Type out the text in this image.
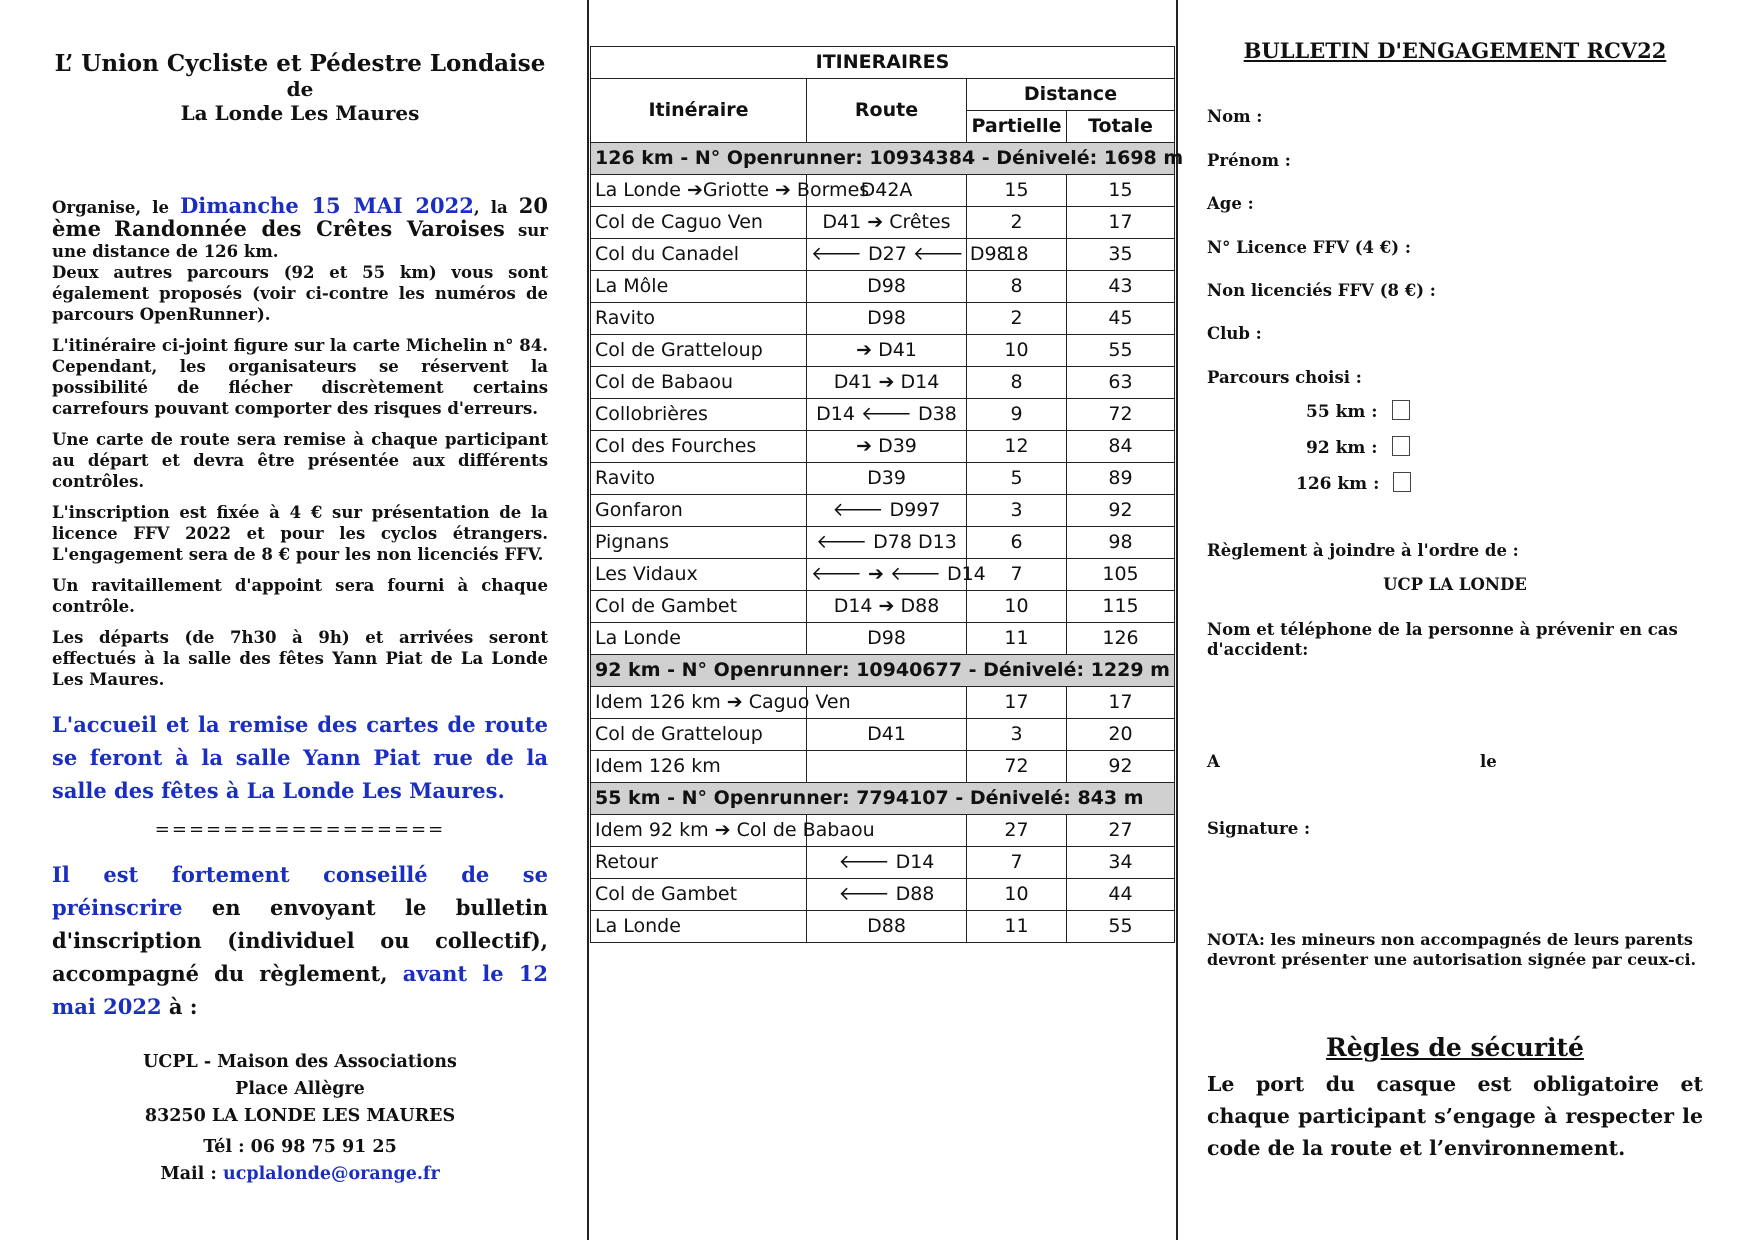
L’ Union Cycliste et Pédestre Londaise
de
La Londe Les Maures

Organise, le Dimanche 15 MAI 2022, la 20 ème Randonnée des Crêtes Varoises sur une distance de 126 km.
Deux autres parcours (92 et 55 km) vous sont également proposés (voir ci-contre les numéros de parcours OpenRunner).

L'itinéraire ci-joint figure sur la carte Michelin n° 84. Cependant, les organisateurs se réservent la possibilité de flécher discrètement certains carrefours pouvant comporter des risques d'erreurs.

Une carte de route sera remise à chaque participant au départ et devra être présentée aux différents contrôles.

L'inscription est fixée à 4 € sur présentation de la licence FFV 2022 et pour les cyclos étrangers. L'engagement sera de 8 € pour les non licenciés FFV.

Un ravitaillement d'appoint sera fourni à chaque contrôle.

Les départs (de 7h30 à 9h) et arrivées seront effectués à la salle des fêtes Yann Piat de La Londe Les Maures.

L'accueil et la remise des cartes de route se feront à la salle Yann Piat rue de la salle des fêtes à La Londe Les Maures.

=================

Il est fortement conseillé de se préinscrire en envoyant le bulletin d'inscription (individuel ou collectif), accompagné du règlement, avant le 12 mai 2022 à :

UCPL - Maison des Associations
Place Allègre
83250 LA LONDE LES MAURES
Tél : 06 98 75 91 25
Mail : ucplalonde@orange.fr
ITINERAIRES			
Itinéraire	Route	Distance	
		Partielle	Totale
126 km - N° Openrunner: 10934384 - Dénivelé: 1698 m			
La Londe ➔Griotte ➔ Bormes	D42A	15	15
Col de Caguo Ven	D41 ➔ Crêtes	2	17
Col du Canadel	🡐 D27 🡐 D98	18	35
La Môle	D98	8	43
Ravito	D98	2	45
Col de Gratteloup	➔ D41	10	55
Col de Babaou	D41 ➔ D14	8	63
Collobrières	D14 🡐 D38	9	72
Col des Fourches	➔ D39	12	84
Ravito	D39	5	89
Gonfaron	🡐 D997	3	92
Pignans	🡐 D78 D13	6	98
Les Vidaux	🡐 ➔ 🡐 D14	7	105
Col de Gambet	D14 ➔ D88	10	115
La Londe	D98	11	126
92 km - N° Openrunner: 10940677 - Dénivelé: 1229 m			
Idem 126 km ➔ Caguo Ven		17	17
Col de Gratteloup	D41	3	20
Idem 126 km		72	92
55 km - N° Openrunner: 7794107 - Dénivelé: 843 m			
Idem 92 km ➔ Col de Babaou		27	27
Retour	🡐 D14	7	34
Col de Gambet	🡐 D88	10	44
La Londe	D88	11	55
BULLETIN D'ENGAGEMENT RCV22
Nom :
Prénom :
Age :
N° Licence FFV (4 €) :
Non licenciés FFV (8 €) :
Club :
Parcours choisi :
55 km :
92 km :
126 km :
Règlement à joindre à l'ordre de :
UCP LA LONDE
Nom et téléphone de la personne à prévenir en cas d'accident:
A	le
Signature :
NOTA: les mineurs non accompagnés de leurs parents devront présenter une autorisation signée par ceux-ci.
Règles de sécurité
Le port du casque est obligatoire et chaque participant s’engage à respecter le code de la route et l’environnement.
